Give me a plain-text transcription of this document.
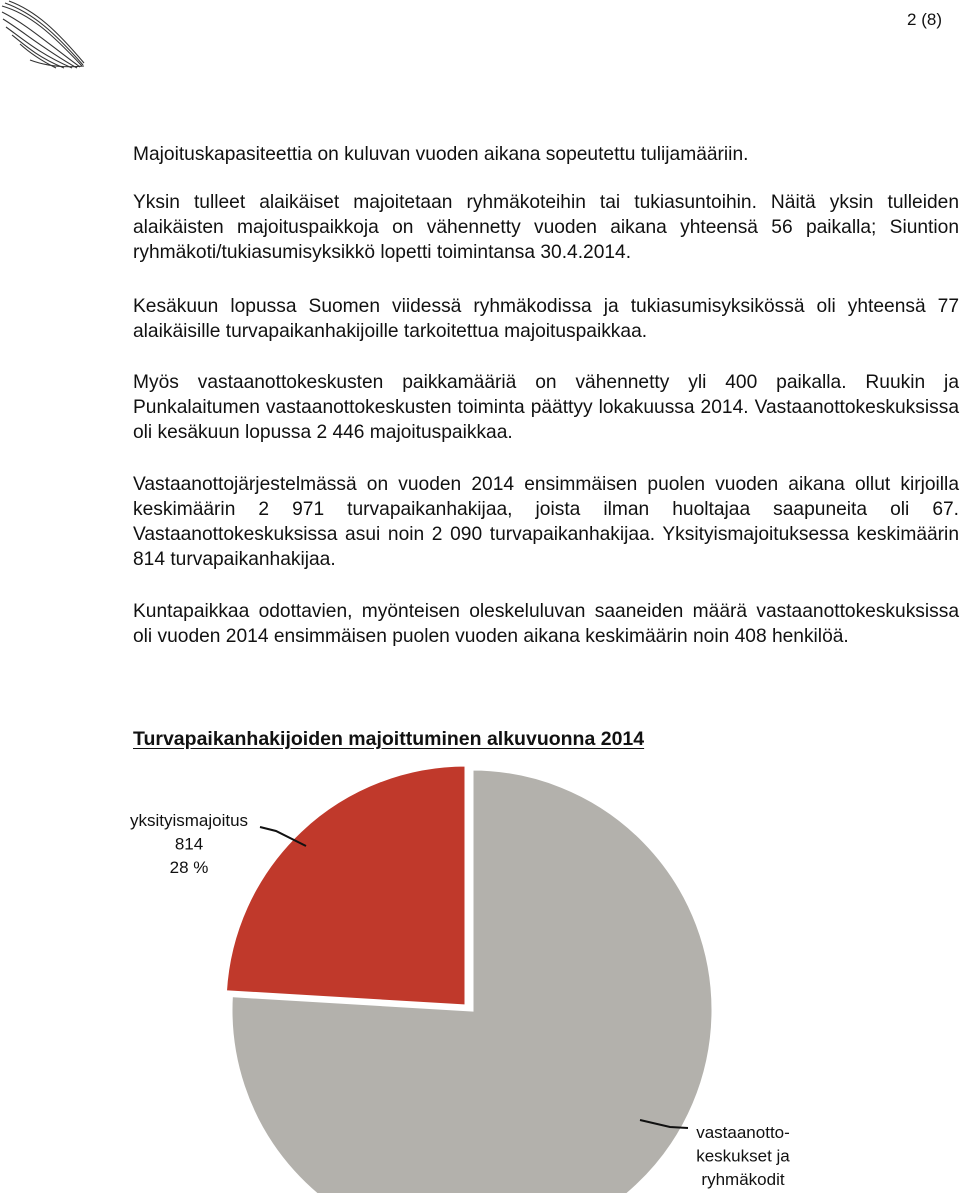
2 (8)

Majoituskapasiteettia on kuluvan vuoden aikana sopeutettu tulijamääriin.

Yksin tulleet alaikäiset majoitetaan ryhmäkoteihin tai tukiasuntoihin. Näitä yksin tulleiden alaikäisten majoituspaikkoja on vähennetty vuoden aikana yhteensä 56 paikalla; Siuntion ryhmäkoti/tukiasumisyksikkö lopetti toimintansa 30.4.2014.

Kesäkuun lopussa Suomen viidessä ryhmäkodissa ja tukiasumisyksikössä oli yhteensä 77 alaikäisille turvapaikanhakijoille tarkoitettua majoituspaikkaa.

Myös vastaanottokeskusten paikkamääriä on vähennetty yli 400 paikalla. Ruukin ja Punkalaitumen vastaanottokeskusten toiminta päättyy lokakuussa 2014. Vastaanottokeskuksissa oli kesäkuun lopussa 2 446 majoituspaikkaa.

Vastaanottojärjestelmässä on vuoden 2014 ensimmäisen puolen vuoden aikana ollut kirjoilla keskimäärin 2 971 turvapaikanhakijaa, joista ilman huoltajaa saapuneita oli 67. Vastaanottokeskuksissa asui noin 2 090 turvapaikanhakijaa. Yksityismajoituksessa keskimäärin 814 turvapaikanhakijaa.

Kuntapaikkaa odottavien, myönteisen oleskeluluvan saaneiden määrä vastaanottokeskuksissa oli vuoden 2014 ensimmäisen puolen vuoden aikana keskimäärin noin 408 henkilöä.

Turvapaikanhakijoiden majoittuminen alkuvuonna 2014
yksityismajoitus
814
28 %
vastaanotto-
keskukset ja
ryhmäkodit
